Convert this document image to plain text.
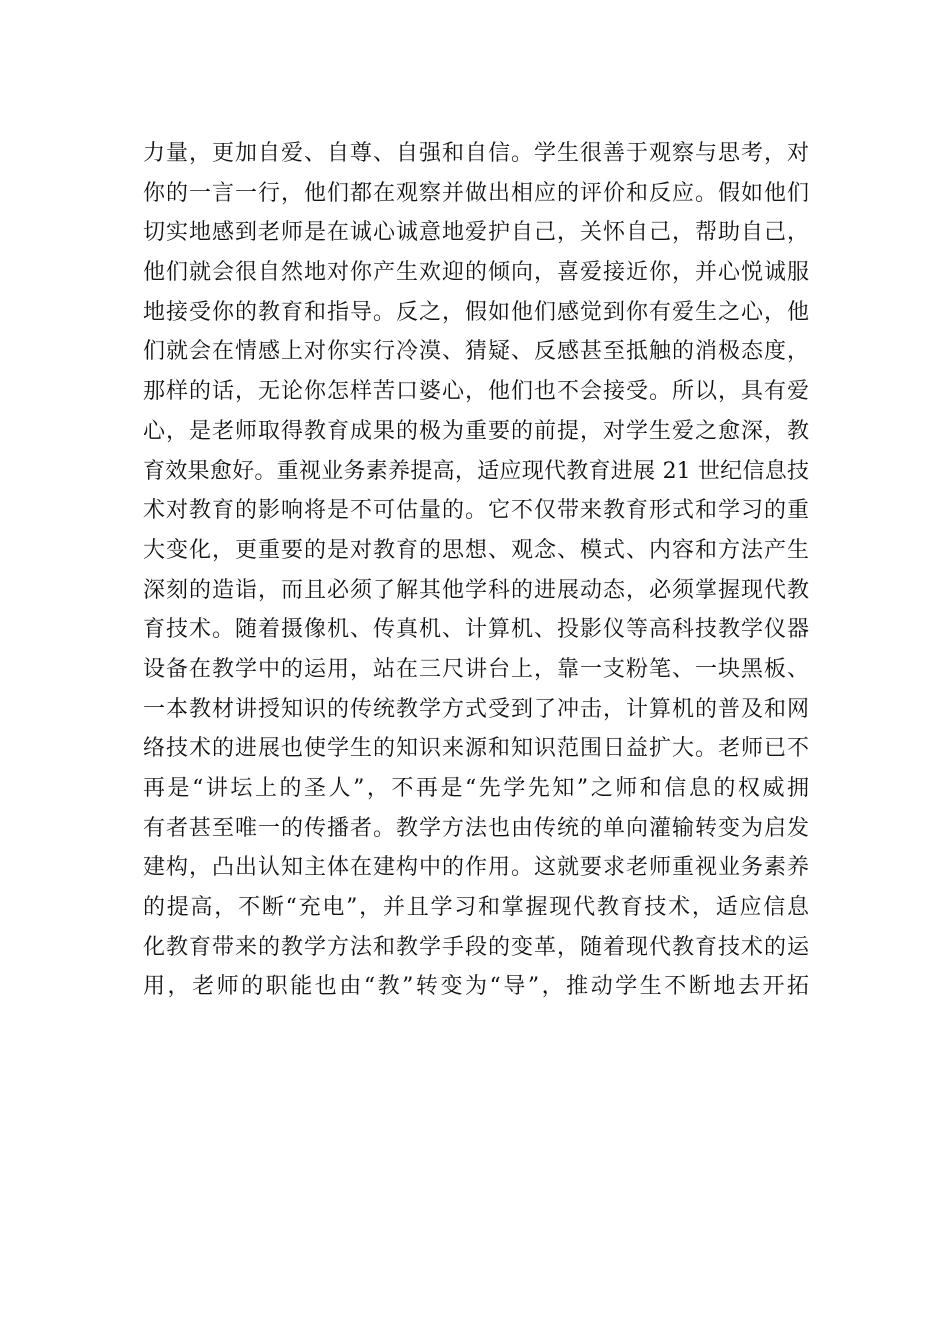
力量，更加自爱、自尊、自强和自信。学生很善于观察与思考，对
你的一言一行，他们都在观察并做出相应的评价和反应。假如他们
切实地感到老师是在诚心诚意地爱护自己，关怀自己，帮助自己，
他们就会很自然地对你产生欢迎的倾向，喜爱接近你，并心悦诚服
地接受你的教育和指导。反之，假如他们感觉到你有爱生之心，他
们就会在情感上对你实行冷漠、猜疑、反感甚至抵触的消极态度，
那样的话，无论你怎样苦口婆心，他们也不会接受。所以，具有爱
心，是老师取得教育成果的极为重要的前提，对学生爱之愈深，教
育效果愈好。重视业务素养提高，适应现代教育进展 21 世纪信息技
术对教育的影响将是不可估量的。它不仅带来教育形式和学习的重
大变化，更重要的是对教育的思想、观念、模式、内容和方法产生
深刻的造诣，而且必须了解其他学科的进展动态，必须掌握现代教
育技术。随着摄像机、传真机、计算机、投影仪等高科技教学仪器
设备在教学中的运用，站在三尺讲台上，靠一支粉笔、一块黑板、
一本教材讲授知识的传统教学方式受到了冲击，计算机的普及和网
络技术的进展也使学生的知识来源和知识范围日益扩大。老师已不
再是“讲坛上的圣人”，不再是“先学先知”之师和信息的权威拥
有者甚至唯一的传播者。教学方法也由传统的单向灌输转变为启发
建构，凸出认知主体在建构中的作用。这就要求老师重视业务素养
的提高，不断“充电”，并且学习和掌握现代教育技术，适应信息
化教育带来的教学方法和教学手段的变革，随着现代教育技术的运
用，老师的职能也由“教”转变为“导”，推动学生不断地去开拓
